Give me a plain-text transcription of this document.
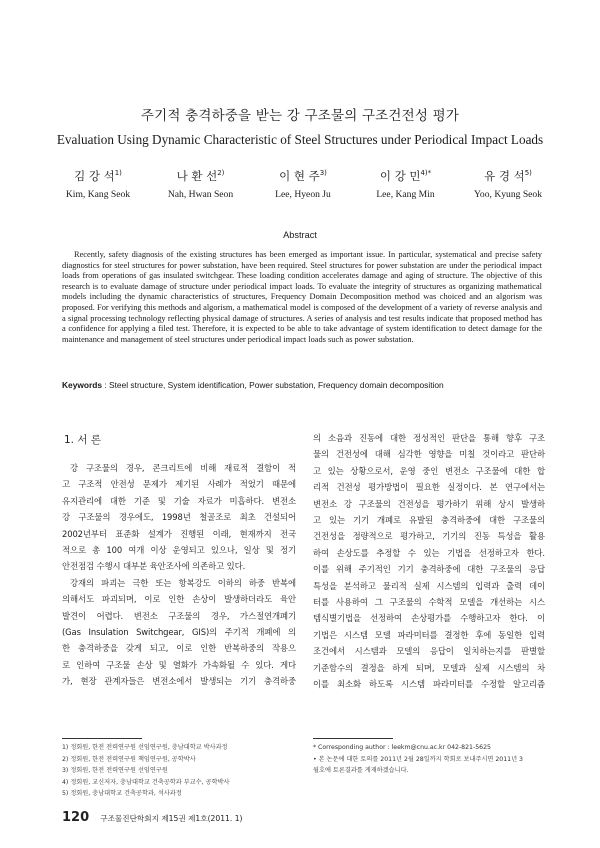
주기적 충격하중을 받는 강 구조물의 구조건전성 평가
Evaluation Using Dynamic Characteristic of Steel Structures under Periodical Impact Loads
김 강 석$^{1)}$
Kim, Kang Seok
나 환 선$^{2)}$
Nah, Hwan Seon
이 현 주$^{3)}$
Lee, Hyeon Ju
이 강 민$^{4)*}$
Lee, Kang Min
유 경 석$^{5)}$
Yoo, Kyung Seok
Abstract
Recently, safety diagnosis of the existing structures has been emerged as important issue. In particular, systematical and precise safety diagnostics for steel structures for power substation, have been required. Steel structures for power substation are under the periodical impact loads from operations of gas insulated switchgear. These loading condition accelerates damage and aging of structure. The objective of this research is to evaluate damage of structure under periodical impact loads. To evaluate the integrity of structures as organizing mathematical models including the dynamic characteristics of structures, Frequency Domain Decomposition method was choiced and an algorism was proposed. For verifying this methods and algorism, a mathematical model is composed of the development of a variety of reverse analysis and a signal processing technology reflecting physical damage of structures. A series of analysis and test results indicate that proposed method has a confidence for applying a filed test. Therefore, it is expected to be able to take advantage of system identification to detect damage for the maintenance and management of steel structures under periodical impact loads such as power substation.
Keywords : Steel structure, System identification, Power substation, Frequency domain decomposition
1. 서 론
강 구조물의 경우, 콘크리트에 비해 재료적 결함이 적
고 구조적 안전성 문제가 제기된 사례가 적었기 때문에
유지관리에 대한 기준 및 기술 자료가 미흡하다. 변전소
강 구조물의 경우에도, 1998년 철골조로 최초 건설되어
2002년부터 표준화 설계가 진행된 이래, 현재까지 전국
적으로 총 100 여개 이상 운영되고 있으나, 일상 및 정기
안전점검 수행시 대부분 육안조사에 의존하고 있다.
강재의 파괴는 극한 또는 항복강도 이하의 하중 반복에
의해서도 파괴되며, 이로 인한 손상이 발생하더라도 육안
발견이 어렵다. 변전소 구조물의 경우, 가스절연개폐기
(Gas Insulation Switchgear, GIS)의 주기적 개폐에 의
한 충격하중을 갖게 되고, 이로 인한 반복하중의 작용으
로 인하여 구조물 손상 및 열화가 가속화될 수 있다. 게다
가, 현장 관계자들은 변전소에서 발생되는 기기 충격하중
의 소음과 진동에 대한 정성적인 판단을 통해 향후 구조
물의 건전성에 대해 심각한 영향을 미칠 것이라고 판단하
고 있는 상황으로서, 운영 중인 변전소 구조물에 대한 합
리적 건전성 평가방법이 필요한 실정이다. 본 연구에서는
변전소 강 구조물의 건전성을 평가하기 위해 상시 발생하
고 있는 기기 개폐로 유발된 충격하중에 대한 구조물의
건전성을 정량적으로 평가하고, 기기의 진동 특성을 활용
하여 손상도를 추정할 수 있는 기법을 선정하고자 한다.
이를 위해 주기적인 기기 충격하중에 대한 구조물의 응답
특성을 분석하고 물리적 실제 시스템의 입력과 출력 데이
터를 사용하여 그 구조물의 수학적 모델을 개선하는 시스
템식별기법을 선정하여 손상평가를 수행하고자 한다. 이
기법은 시스템 모델 파라미터를 결정한 후에 동일한 입력
조건에서 시스템과 모델의 응답이 일치하는지를 판별할
기준함수의 결정을 하게 되며, 모델과 실제 시스템의 차
이를 최소화 하도록 시스템 파라미터를 수정할 알고리즘
1) 정회원, 한전 전력연구원 선임연구원, 충남대학교 박사과정
2) 정회원, 한전 전력연구원 책임연구원, 공학박사
3) 정회원, 한전 전력연구원 선임연구원
4) 정회원, 교신저자, 충남대학교 건축공학과 부교수, 공학박사
5) 정회원, 충남대학교 건축공학과, 석사과정
* Corresponding author : leekm@cnu.ac.kr 042-821-5625
• 본 논문에 대한 토의를 2011년 2월 28일까지 학회로 보내주시면 2011년 3
월호에 토론결과를 게재하겠습니다.
120 구조물진단학회지 제15권 제1호(2011. 1)
